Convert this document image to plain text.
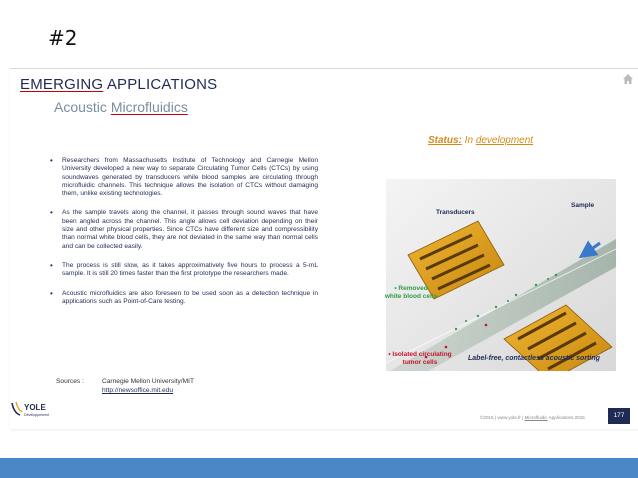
#2
EMERGING APPLICATIONS
Acoustic Microfluidics
Status: In development
• Researchers from Massachusetts Institute of Technology and Carnegie Mellon University developed a new way to separate Circulating Tumor Cells (CTCs) by using soundwaves generated by transducers while blood samples are circulating through microfluidic channels. This technique allows the isolation of CTCs without damaging them, unlike existing technologies.
• As the sample travels along the channel, it passes through sound waves that have been angled across the channel. This angle allows cell deviation depending on their size and other physical properties. Since CTCs have different size and compressibility than normal white blood cells, they are not deviated in the same way than normal cells and can be collected easily.
• The process is still slow, as it takes approximatively five hours to process a 5-mL sample. It is still 20 times faster than the first prototype the researchers made.
• Acoustic microfluidics are also foreseen to be used soon as a detection technique in applications such as Point-of-Care testing.
Sources :	Carnegie Mellon University/MIT
http://newsoffice.mit.edu
Transducers
Sample
• Removed
white blood cells
• Isolated circulating
tumor cells	Label-free, contactless acoustic sorting
YOLE
Développement	©2015 | www.yole.fr | Microfluidic Applications 2015	177
